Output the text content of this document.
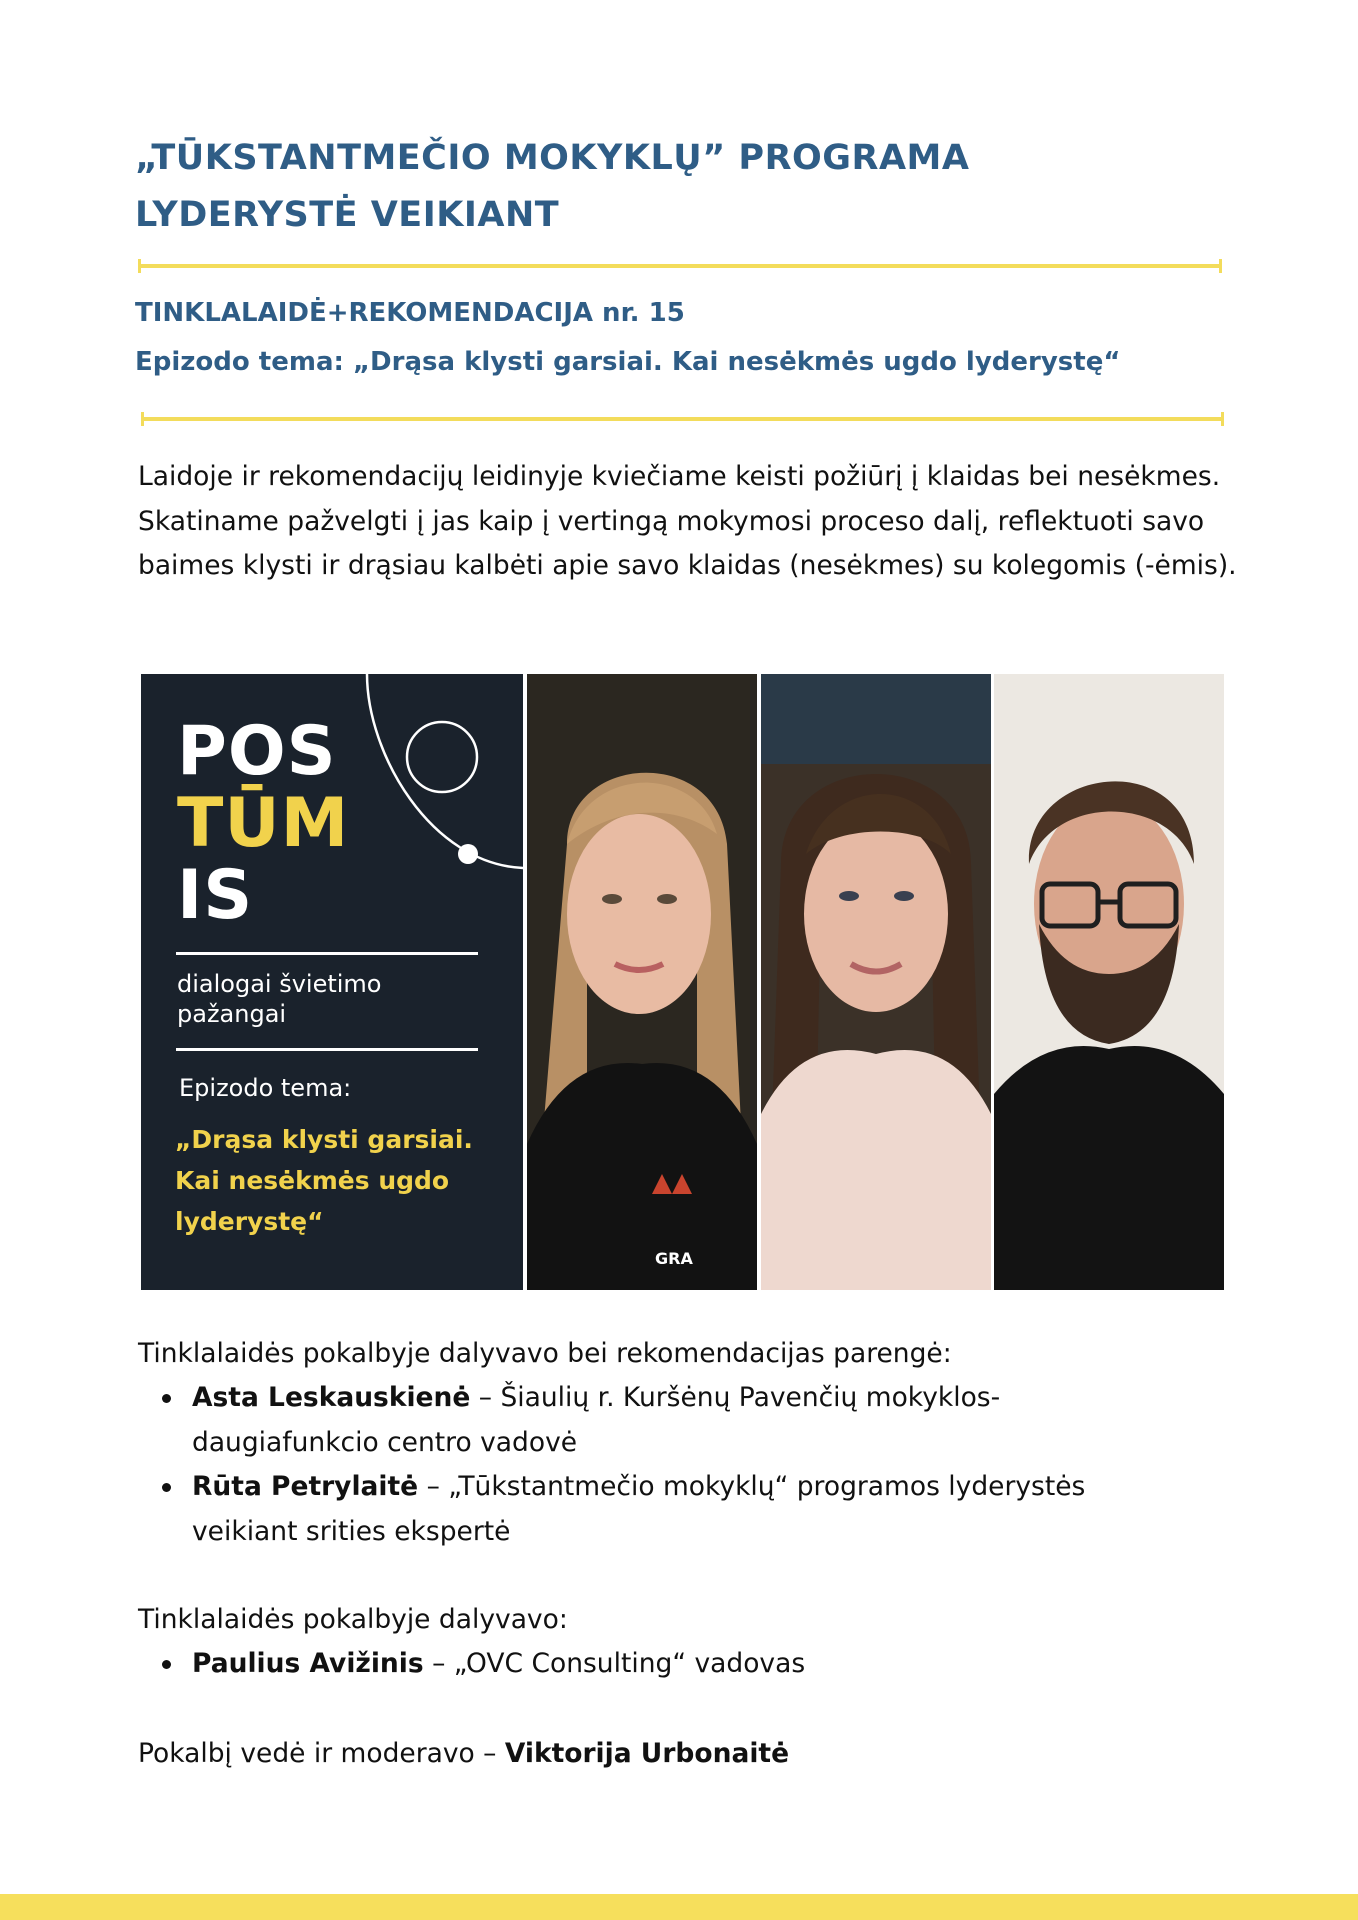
„TŪKSTANTMEČIO MOKYKLŲ” PROGRAMA
LYDERYSTĖ VEIKIANT
TINKLALAIDĖ+REKOMENDACIJA nr. 15
Epizodo tema: „Drąsa klysti garsiai. Kai nesėkmės ugdo lyderystę“
Laidoje ir rekomendacijų leidinyje kviečiame keisti požiūrį į klaidas bei nesėkmes. Skatiname pažvelgti į jas kaip į vertingą mokymosi proceso dalį, reflektuoti savo baimes klysti ir drąsiau kalbėti apie savo klaidas (nesėkmes) su kolegomis (-ėmis).
POS
TŪM
IS
dialogai švietimo
pažangai
Epizodo tema:
„Drąsa klysti garsiai.
Kai nesėkmės ugdo
lyderystę“
GRA
Tinklalaidės pokalbyje dalyvavo bei rekomendacijas parengė:
Asta Leskauskienė – Šiaulių r. Kuršėnų Pavenčių mokyklos-
daugiafunkcio centro vadovė
Rūta Petrylaitė – „Tūkstantmečio mokyklų“ programos lyderystės
veikiant srities ekspertė
Tinklalaidės pokalbyje dalyvavo:
Paulius Avižinis – „OVC Consulting“ vadovas
Pokalbį vedė ir moderavo – Viktorija Urbonaitė
